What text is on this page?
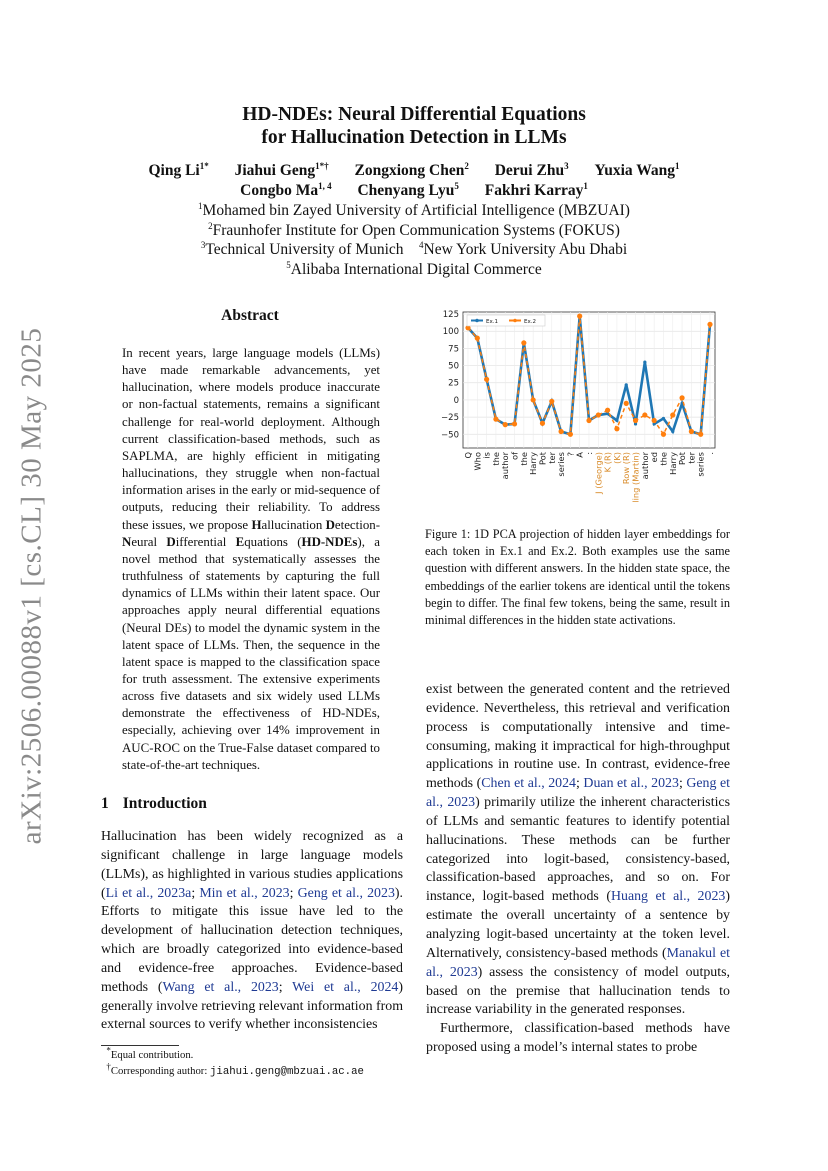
arXiv:2506.00088v1 [cs.CL] 30 May 2025
HD-NDEs: Neural Differential Equations
for Hallucination Detection in LLMs
Qing $Li^{1*}$ Jiahui Geng$^{1*\dagger}$ Zongxiong Chen$^2$ Derui Zhu$^3$ Yuxia Wang$^1$
Congbo Ma$^{1, 4}$ Chenyang Lyu$^5$ Fakhri Karray$^1$
$^1$Mohamed bin Zayed University of Artificial Intelligence (MBZUAI)
$^2$Fraunhofer Institute for Open Communication Systems (FOKUS)
$^3$Technical University of Munich $^4$New York University Abu Dhabi
$^5$Alibaba International Digital Commerce
Abstract
In recent years, large language models (LLMs) have made remarkable advancements, yet hallucination, where models produce inaccurate or non-factual statements, remains a significant challenge for real-world deployment. Although current classification-based methods, such as SAPLMA, are highly efficient in mitigating hallucinations, they struggle when non-factual information arises in the early or mid-sequence of outputs, reducing their reliability. To address these issues, we propose Hallucination Detection-Neural Differential Equations (HD-NDEs), a novel method that systematically assesses the truthfulness of statements by capturing the full dynamics of LLMs within their latent space. Our approaches apply neural differential equations (Neural DEs) to model the dynamic system in the latent space of LLMs. Then, the sequence in the latent space is mapped to the classification space for truth assessment. The extensive experiments across five datasets and six widely used LLMs demonstrate the effectiveness of HD-NDEs, especially, achieving over 14% improvement in AUC-ROC on the True-False dataset compared to state-of-the-art techniques.
1 Introduction
Hallucination has been widely recognized as a significant challenge in large language models (LLMs), as highlighted in various studies applications (Li et al., 2023a; Min et al., 2023; Geng et al., 2023). Efforts to mitigate this issue have led to the development of hallucination detection techniques, which are broadly categorized into evidence-based and evidence-free approaches. Evidence-based methods (Wang et al., 2023; Wei et al., 2024) generally involve retrieving relevant information from external sources to verify whether inconsistencies
125
100
75
50
25
0
−25
−50
Q Who is the author of the Harry Pot ter series ? A : J (George) K (R) (K) Row (R) ling (Martin) author ed the Harry Pot ter series .
Ex.1	Ex.2
Figure 1: 1D PCA projection of hidden layer embeddings for each token in Ex.1 and Ex.2. Both examples use the same question with different answers. In the hidden state space, the embeddings of the earlier tokens are identical until the tokens begin to differ. The final few tokens, being the same, result in minimal differences in the hidden state activations.
exist between the generated content and the retrieved evidence. Nevertheless, this retrieval and verification process is computationally intensive and time-consuming, making it impractical for high-throughput applications in routine use. In contrast, evidence-free methods (Chen et al., 2024; Duan et al., 2023; Geng et al., 2023) primarily utilize the inherent characteristics of LLMs and semantic features to identify potential hallucinations. These methods can be further categorized into logit-based, consistency-based, classification-based approaches, and so on. For instance, logit-based methods (Huang et al., 2023) estimate the overall uncertainty of a sentence by analyzing logit-based uncertainty at the token level. Alternatively, consistency-based methods (Manakul et al., 2023) assess the consistency of model outputs, based on the premise that hallucination tends to increase variability in the generated responses.
Furthermore, classification-based methods have proposed using a model’s internal states to probe
*Equal contribution.
†Corresponding author: jiahui.geng@mbzuai.ac.ae
